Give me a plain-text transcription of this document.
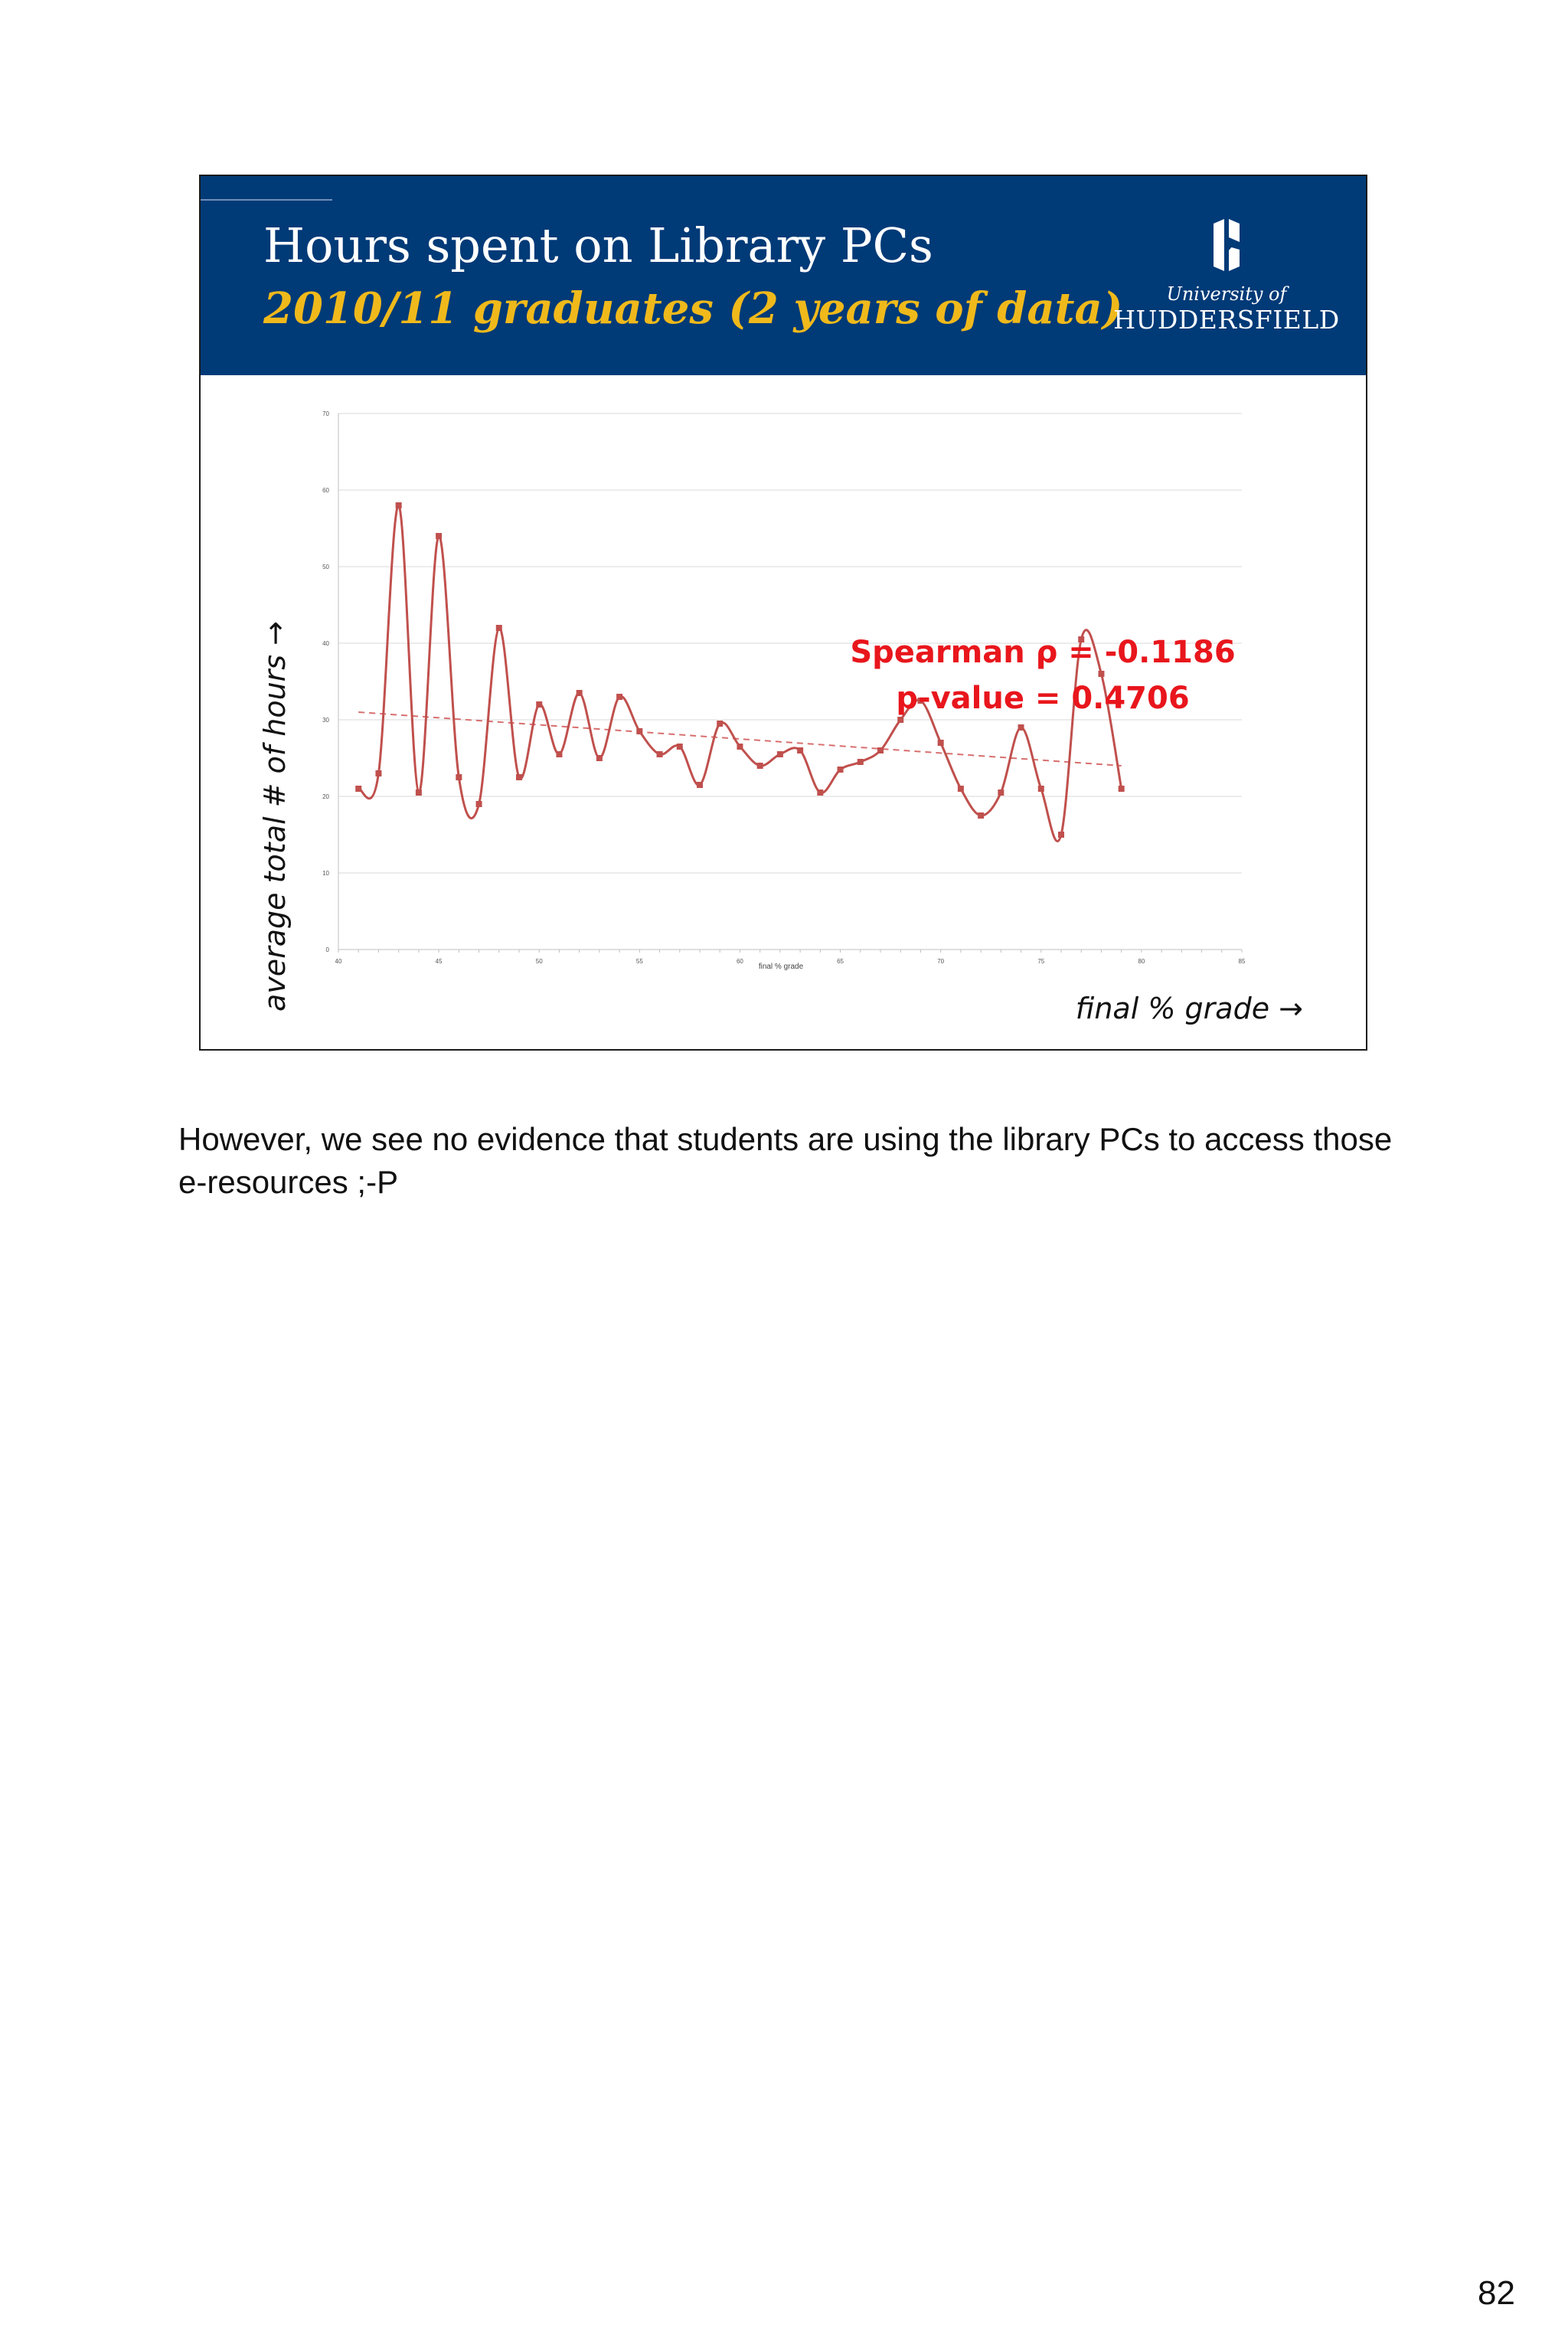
Hours spent on Library PCs
2010/11 graduates (2 years of data)	University of
HUDDERSFIELD
0
10
20
30
40
50
60
70
40	45	50	55	60	65	70	75	80	85
final % grade
Spearman ρ = -0.1186
p-value = 0.4706
average total # of hours →	final % grade →

However, we see no evidence that students are using the library PCs to access those e-resources ;-P

82
